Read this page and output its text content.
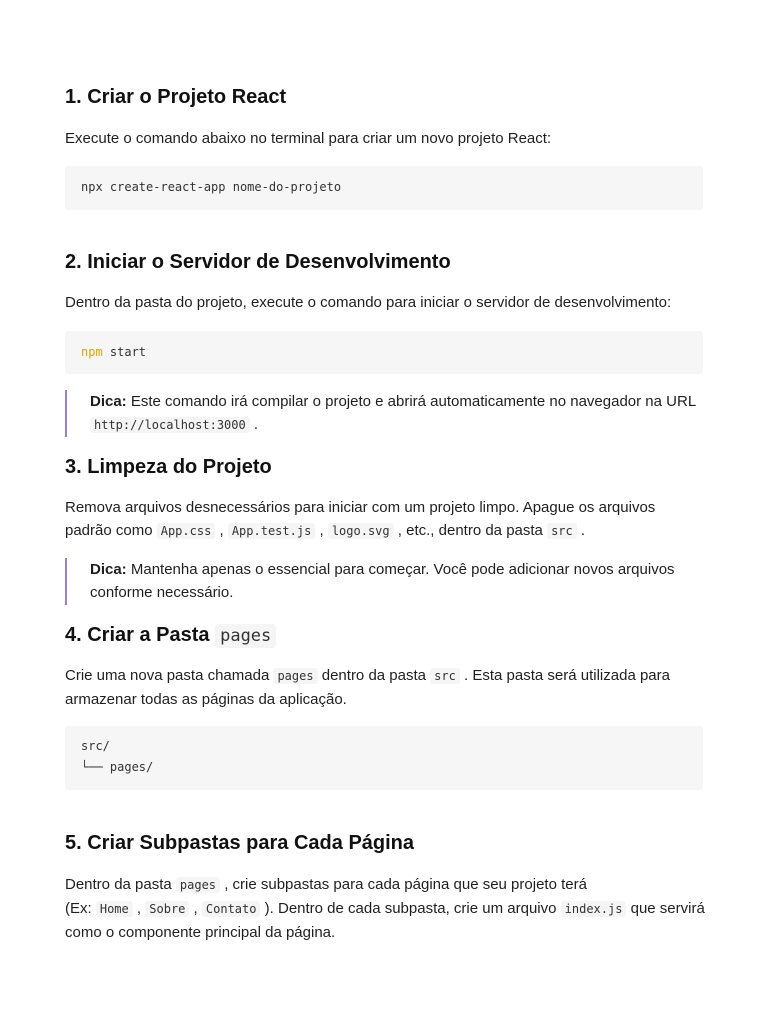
1. Criar o Projeto React

Execute o comando abaixo no terminal para criar um novo projeto React:

npx create-react-app nome-do-projeto
2. Iniciar o Servidor de Desenvolvimento

Dentro da pasta do projeto, execute o comando para iniciar o servidor de desenvolvimento:

npm start
Dica: Este comando irá compilar o projeto e abrirá automaticamente no navegador na URL http://localhost:3000 .
3. Limpeza do Projeto

Remova arquivos desnecessários para iniciar com um projeto limpo. Apague os arquivos padrão como App.css , App.test.js , logo.svg , etc., dentro da pasta src .

Dica: Mantenha apenas o essencial para começar. Você pode adicionar novos arquivos conforme necessário.
4. Criar a Pasta pages

Crie uma nova pasta chamada pages dentro da pasta src . Esta pasta será utilizada para armazenar todas as páginas da aplicação.

src/
└── pages/
5. Criar Subpastas para Cada Página

Dentro da pasta pages , crie subpastas para cada página que seu projeto terá
(Ex: Home , Sobre , Contato ). Dentro de cada subpasta, crie um arquivo index.js que servirá como o componente principal da página.
